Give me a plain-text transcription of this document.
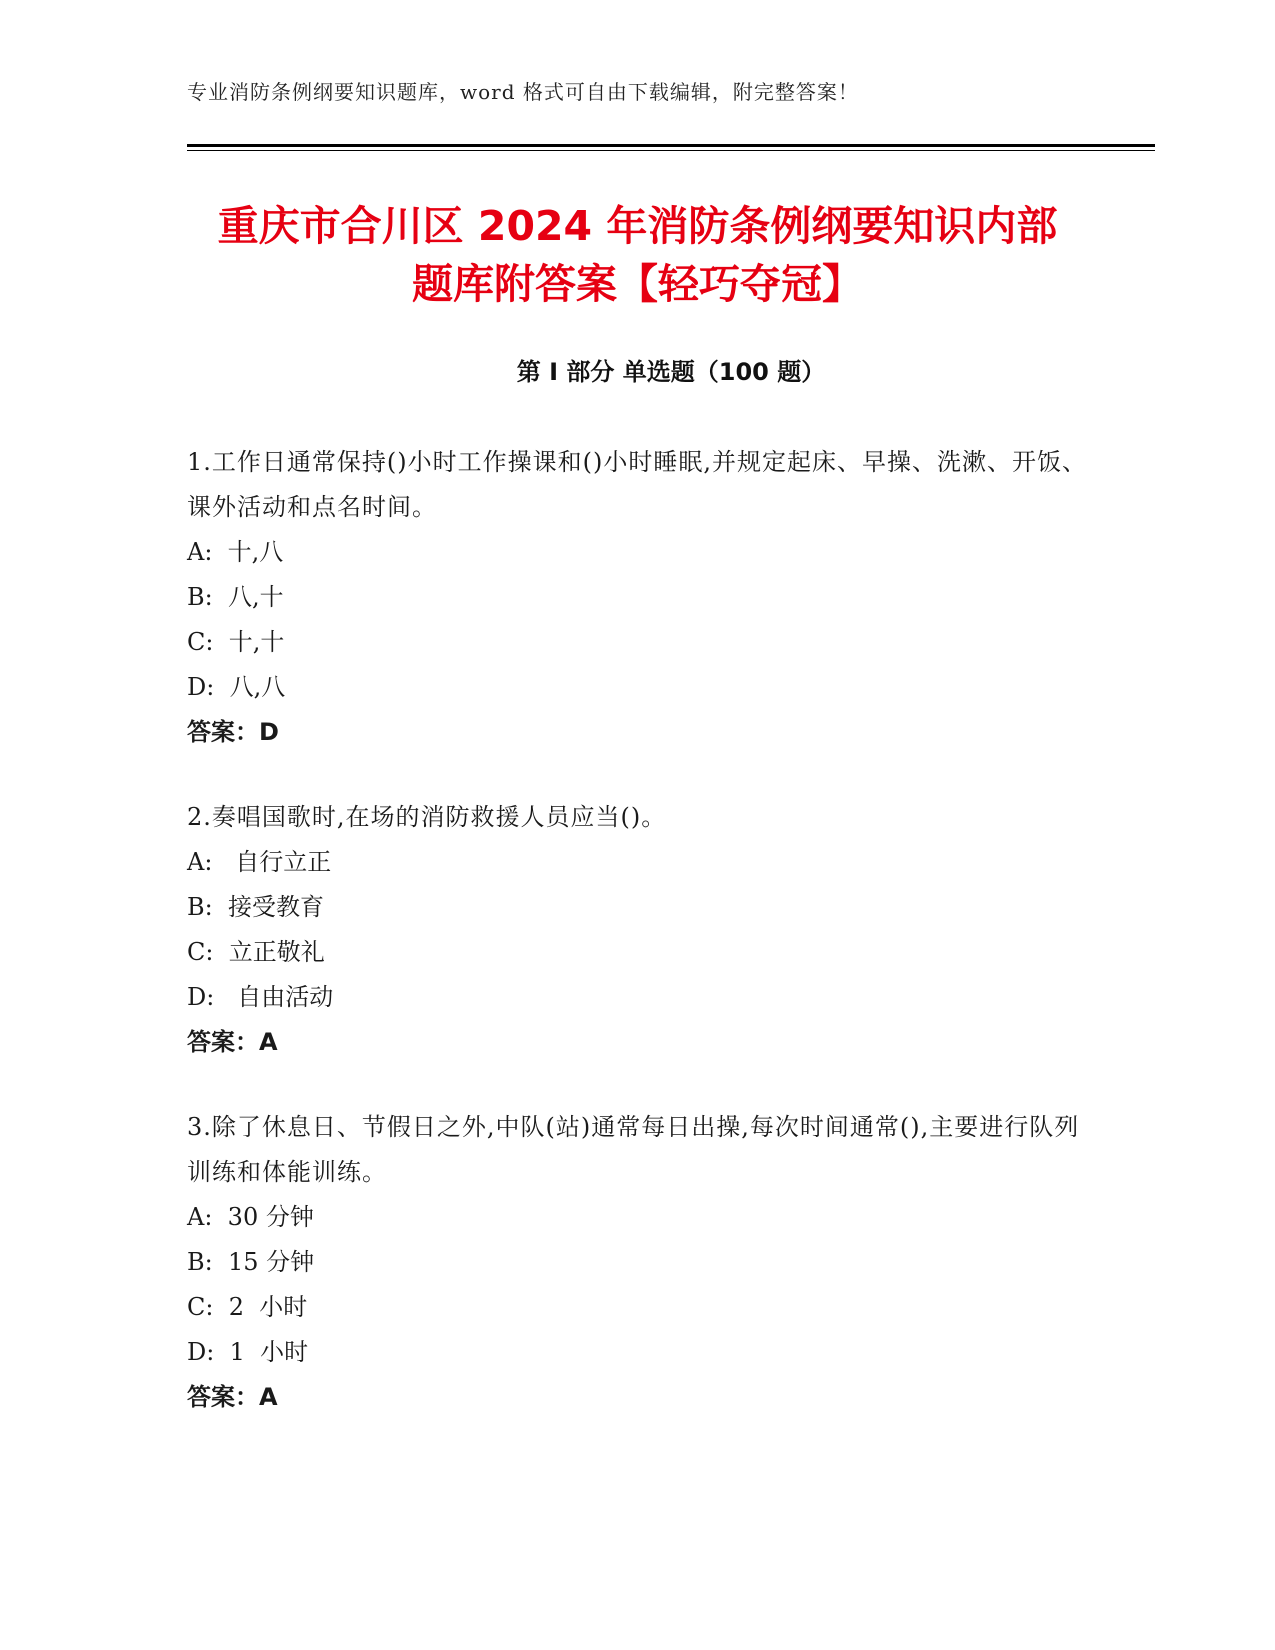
专业消防条例纲要知识题库，word 格式可自由下载编辑，附完整答案！
重庆市合川区 2024 年消防条例纲要知识内部
题库附答案【轻巧夺冠】
第 I 部分 单选题（100 题）
1.工作日通常保持()小时工作操课和()小时睡眠,并规定起床、早操、洗漱、开饭、课外活动和点名时间。
A:  十,八
B:  八,十
C:  十,十
D:  八,八
答案：D
2.奏唱国歌时,在场的消防救援人员应当()。
A:   自行立正
B:  接受教育
C:  立正敬礼
D:   自由活动
答案：A
3.除了休息日、节假日之外,中队(站)通常每日出操,每次时间通常(),主要进行队列训练和体能训练。
A:  30 分钟
B:  15 分钟
C:  2  小时
D:  1  小时
答案：A
